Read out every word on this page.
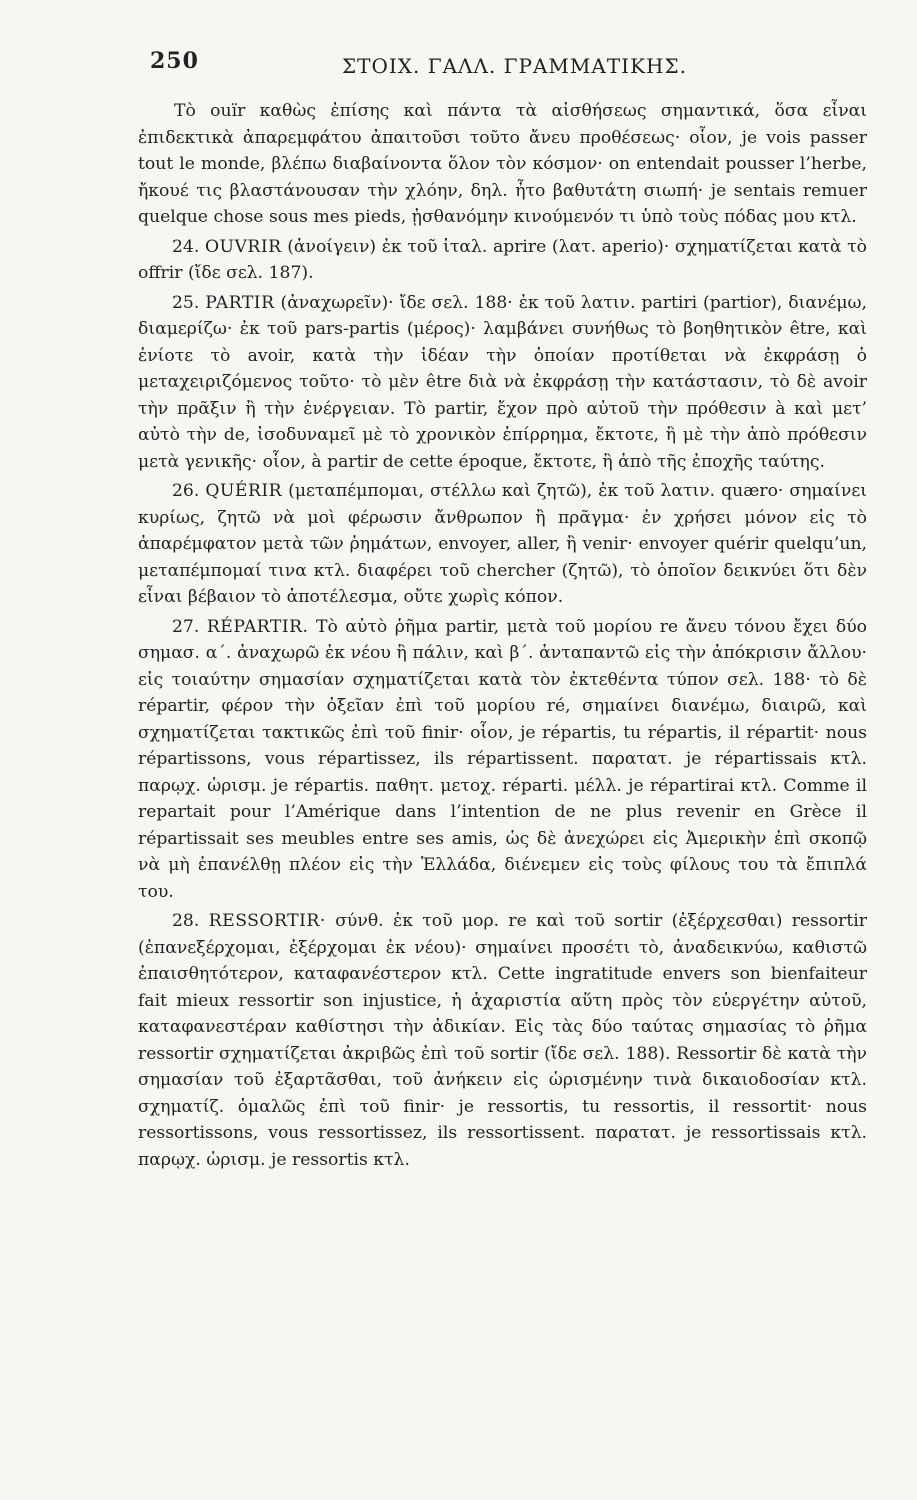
250	ΣΤΟΙΧ. ΓΑΛΛ. ΓΡΑΜΜΑΤΙΚΗΣ.

Τὸ ouïr καθὼς ἐπίσης καὶ πάντα τὰ αἰσθήσεως σημαντικά, ὅσα εἶναι ἐπιδεκτικὰ ἀπαρεμφάτου ἀπαιτοῦσι τοῦτο ἄνευ προθέσεως· οἷον, je vois passer tout le monde, βλέπω διαβαίνοντα ὅλον τὸν κόσμον· on entendait pousser l’herbe, ἤκουέ τις βλαστάνουσαν τὴν χλόην, δηλ. ἦτο βαθυτάτη σιωπή· je sentais remuer quelque chose sous mes pieds, ᾐσθανόμην κινούμενόν τι ὑπὸ τοὺς πόδας μου κτλ.

24. OUVRIR (ἀνοίγειν) ἐκ τοῦ ἰταλ. aprire (λατ. aperio)· σχηματίζεται κατὰ τὸ offrir (ἴδε σελ. 187).

25. PARTIR (ἀναχωρεῖν)· ἴδε σελ. 188· ἐκ τοῦ λατιν. partiri (partior), διανέμω, διαμερίζω· ἐκ τοῦ pars-partis (μέρος)· λαμβάνει συνήθως τὸ βοηθητικὸν être, καὶ ἐνίοτε τὸ avoir, κατὰ τὴν ἰδέαν τὴν ὁποίαν προτίθεται νὰ ἐκφράσῃ ὁ μεταχειριζόμενος τοῦτο· τὸ μὲν être διὰ νὰ ἐκφράσῃ τὴν κατάστασιν, τὸ δὲ avoir τὴν πρᾶξιν ἢ τὴν ἐνέργειαν. Τὸ partir, ἔχον πρὸ αὐτοῦ τὴν πρόθεσιν à καὶ μετ’ αὐτὸ τὴν de, ἰσοδυναμεῖ μὲ τὸ χρονικὸν ἐπίρρημα, ἔκτοτε, ἢ μὲ τὴν ἀπὸ πρόθεσιν μετὰ γενικῆς· οἷον, à partir de cette époque, ἔκτοτε, ἢ ἀπὸ τῆς ἐποχῆς ταύτης.

26. QUÉRIR (μεταπέμπομαι, στέλλω καὶ ζητῶ), ἐκ τοῦ λατιν. quæro· σημαίνει κυρίως, ζητῶ νὰ μοὶ φέρωσιν ἄνθρωπον ἢ πρᾶγμα· ἐν χρήσει μόνον εἰς τὸ ἀπαρέμφατον μετὰ τῶν ῥημάτων, envoyer, aller, ἢ venir· envoyer quérir quelqu’un, μεταπέμπομαί τινα κτλ. διαφέρει τοῦ chercher (ζητῶ), τὸ ὁποῖον δεικνύει ὅτι δὲν εἶναι βέβαιον τὸ ἀποτέλεσμα, οὔτε χωρὶς κόπον.

27. RÉPARTIR. Τὸ αὐτὸ ῥῆμα partir, μετὰ τοῦ μορίου re ἄνευ τόνου ἔχει δύο σημασ. α´. ἀναχωρῶ ἐκ νέου ἢ πάλιν, καὶ β´. ἀνταπαντῶ εἰς τὴν ἀπόκρισιν ἄλλου· εἰς τοιαύτην σημασίαν σχηματίζεται κατὰ τὸν ἐκτεθέντα τύπον σελ. 188· τὸ δὲ répartir, φέρον τὴν ὀξεῖαν ἐπὶ τοῦ μορίου ré, σημαίνει διανέμω, διαιρῶ, καὶ σχηματίζεται τακτικῶς ἐπὶ τοῦ finir· οἷον, je répartis, tu répartis, il répartit· nous répartissons, vous répartissez, ils répartissent. παρατατ. je répartissais κτλ. παρῳχ. ὡρισμ. je répartis. παθητ. μετοχ. réparti. μέλλ. je répartirai κτλ. Comme il repartait pour l’Amérique dans l’intention de ne plus revenir en Grèce il répartissait ses meubles entre ses amis, ὡς δὲ ἀνεχώρει εἰς Ἀμερικὴν ἐπὶ σκοπῷ νὰ μὴ ἐπανέλθῃ πλέον εἰς τὴν Ἑλλάδα, διένεμεν εἰς τοὺς φίλους του τὰ ἔπιπλά του.

28. RESSORTIR· σύνθ. ἐκ τοῦ μορ. re καὶ τοῦ sortir (ἐξέρχεσθαι) ressortir (ἐπανεξέρχομαι, ἐξέρχομαι ἐκ νέου)· σημαίνει προσέτι τὸ, ἀναδεικνύω, καθιστῶ ἐπαισθητότερον, καταφανέστερον κτλ. Cette ingratitude envers son bienfaiteur fait mieux ressortir son injustice, ἡ ἀχαριστία αὕτη πρὸς τὸν εὐεργέτην αὐτοῦ, καταφανεστέραν καθίστησι τὴν ἀδικίαν. Εἰς τὰς δύο ταύτας σημασίας τὸ ῥῆμα ressortir σχηματίζεται ἀκριβῶς ἐπὶ τοῦ sortir (ἴδε σελ. 188). Ressortir δὲ κατὰ τὴν σημασίαν τοῦ ἐξαρτᾶσθαι, τοῦ ἀνήκειν εἰς ὡρισμένην τινὰ δικαιοδοσίαν κτλ. σχηματίζ. ὁμαλῶς ἐπὶ τοῦ finir· je ressortis, tu ressortis, il ressortit· nous ressortissons, vous ressortissez, ils ressortissent. παρατατ. je ressortissais κτλ. παρῳχ. ὡρισμ. je ressortis κτλ.
